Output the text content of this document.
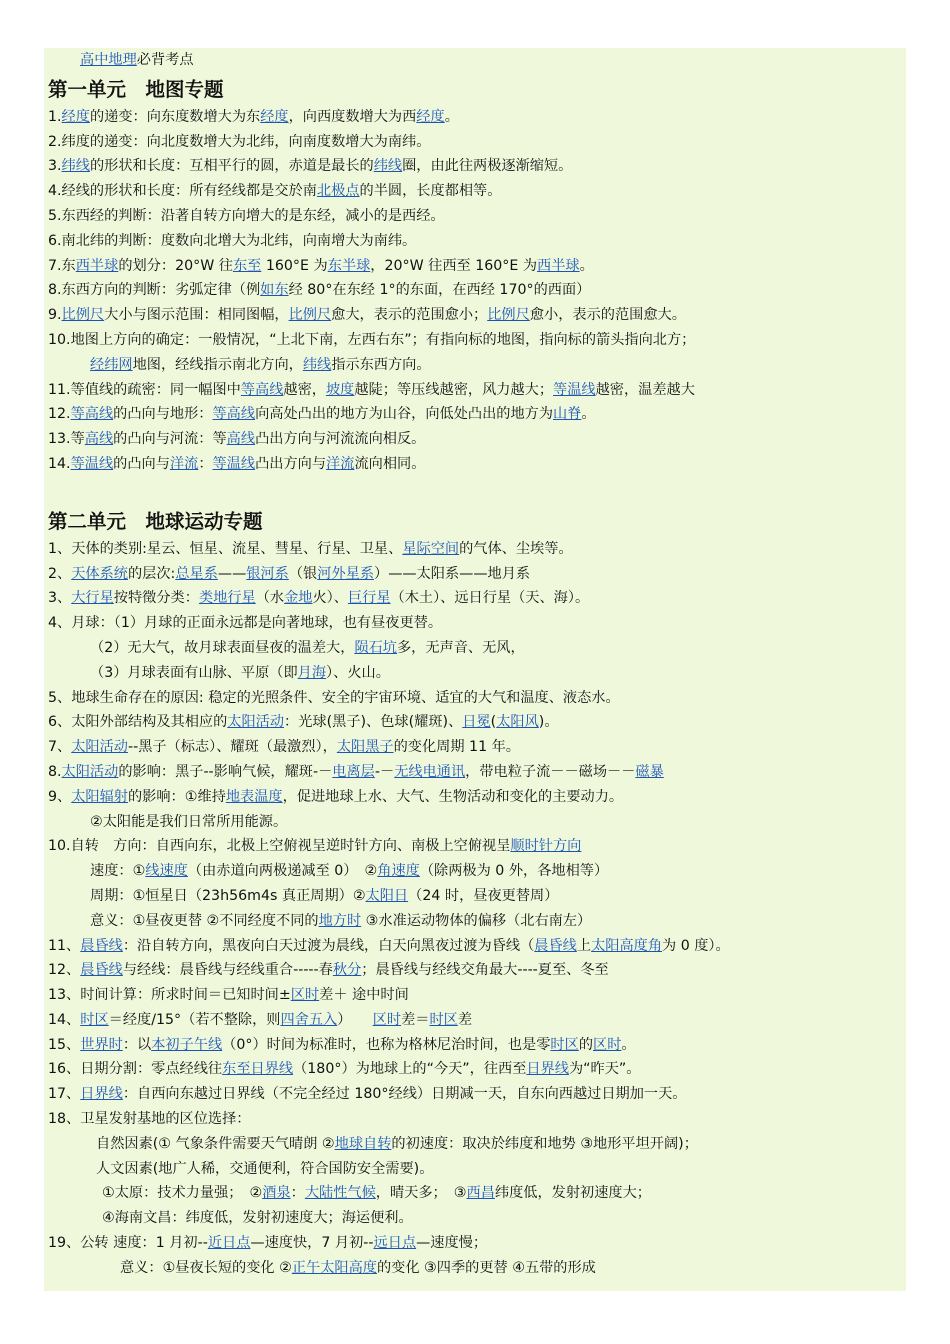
高中地理必背考点
第一单元　地图专题
1.经度的递变：向东度数增大为东经度，向西度数增大为西经度。
2.纬度的递变：向北度数增大为北纬，向南度数增大为南纬。
3.纬线的形状和长度：互相平行的圆，赤道是最长的纬线圈，由此往两极逐渐缩短。
4.经线的形状和长度：所有经线都是交於南北极点的半圆，长度都相等。
5.东西经的判断：沿著自转方向增大的是东经，减小的是西经。
6.南北纬的判断：度数向北增大为北纬，向南增大为南纬。
7.东西半球的划分：20°W 往东至 160°E 为东半球，20°W 往西至 160°E 为西半球。
8.东西方向的判断：劣弧定律（例如东经 80°在东经 1°的东面，在西经 170°的西面）
9.比例尺大小与图示范围：相同图幅，比例尺愈大，表示的范围愈小；比例尺愈小，表示的范围愈大。
10.地图上方向的确定：一般情况，“上北下南，左西右东”；有指向标的地图，指向标的箭头指向北方；
经纬网地图，经线指示南北方向，纬线指示东西方向。
11.等值线的疏密：同一幅图中等高线越密，坡度越陡；等压线越密，风力越大；等温线越密，温差越大
12.等高线的凸向与地形：等高线向高处凸出的地方为山谷，向低处凸出的地方为山脊。
13.等高线的凸向与河流：等高线凸出方向与河流流向相反。
14.等温线的凸向与洋流：等温线凸出方向与洋流流向相同。
第二单元　地球运动专题
1、天体的类别:星云、恒星、流星、彗星、行星、卫星、星际空间的气体、尘埃等。
2、天体系统的层次:总星系——银河系（银河外星系）——太阳系——地月系
3、大行星按特徵分类：类地行星（水金地火）、巨行星（木土）、远日行星（天、海）。
4、月球：（1）月球的正面永远都是向著地球，也有昼夜更替。
（2）无大气，故月球表面昼夜的温差大，陨石坑多，无声音、无风，
（3）月球表面有山脉、平原（即月海）、火山。
5、地球生命存在的原因: 稳定的光照条件、安全的宇宙环境、适宜的大气和温度、液态水。
6、太阳外部结构及其相应的太阳活动：光球(黑子)、色球(耀斑)、日冕(太阳风)。
7、太阳活动--黑子（标志）、耀斑（最激烈），太阳黑子的变化周期 11 年。
8.太阳活动的影响：黑子--影响气候，耀斑-－电离层-－无线电通讯，带电粒子流－－磁场－－磁暴
9、太阳辐射的影响：①维持地表温度，促进地球上水、大气、生物活动和变化的主要动力。
②太阳能是我们日常所用能源。
10.自转　方向：自西向东，北极上空俯视呈逆时针方向、南极上空俯视呈顺时针方向
速度：①线速度（由赤道向两极递减至 0）　②角速度（除两极为 0 外，各地相等）
周期：①恒星日（23h56m4s 真正周期）②太阳日（24 时，昼夜更替周）
意义：①昼夜更替 ②不同经度不同的地方时 ③水准运动物体的偏移（北右南左）
11、晨昏线：沿自转方向，黑夜向白天过渡为晨线，白天向黑夜过渡为昏线（晨昏线上太阳高度角为 0 度）。
12、晨昏线与经线：晨昏线与经线重合-----春秋分；晨昏线与经线交角最大----夏至、冬至
13、时间计算：所求时间＝已知时间±区时差＋ 途中时间
14、时区＝经度/15°（若不整除，则四舍五入）　　区时差＝时区差
15、世界时：以本初子午线（0°）时间为标准时，也称为格林尼治时间，也是零时区的区时。
16、日期分割：零点经线往东至日界线（180°）为地球上的“今天”，往西至日界线为“昨天”。
17、日界线：自西向东越过日界线（不完全经过 180°经线）日期减一天，自东向西越过日期加一天。
18、卫星发射基地的区位选择：
自然因素(① 气象条件需要天气晴朗 ②地球自转的初速度：取决於纬度和地势 ③地形平坦开阔)；
人文因素(地广人稀，交通便利，符合国防安全需要)。
①太原：技术力量强；　②酒泉：大陆性气候，晴天多；　③西昌纬度低，发射初速度大；
④海南文昌：纬度低，发射初速度大；海运便利。
19、公转 速度：1 月初--近日点—速度快，7 月初--远日点—速度慢；
意义：①昼夜长短的变化 ②正午太阳高度的变化 ③四季的更替 ④五带的形成
